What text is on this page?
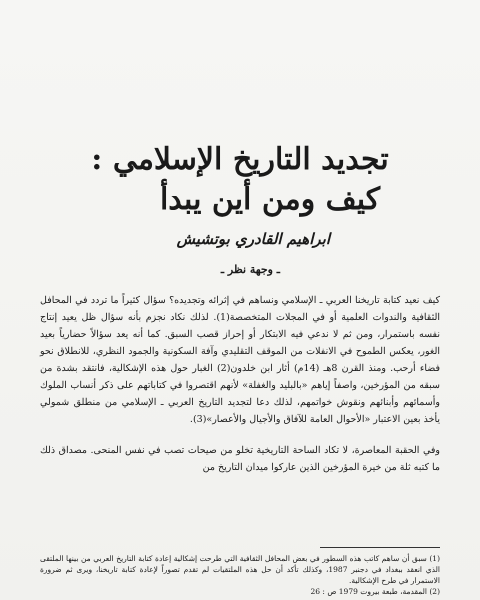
تجديد التاريخ الإسلامي :
كيف ومن أين يبدأ
ابراهيم القادري بوتشيش
ـ وجهة نظر ـ

كيف نعيد كتابة تاريخنا العربي ـ الإسلامي ونساهم في إثرائه وتجديده؟ سؤال كثيراً ما تردد في المحافل الثقافية والندوات العلمية أو في المجلات المتخصصة(1). لذلك نكاد نجزم بأنه سؤال ظل يعيد إنتاج نفسه باستمرار، ومن ثم لا ندعي فيه الابتكار أو إحراز قصب السبق. كما أنه يعد سؤالاً حضارياً بعيد الغور، يعكس الطموح في الانفلات من الموقف التقليدي وآفة السكونية والجمود النظري، للانطلاق نحو فضاء أرحب. ومنذ القرن 8هـ (14م) أثار ابن خلدون(2) الغبار حول هذه الإشكالية، فانتقد بشدة من سبقه من المؤرخين، واصفاً إياهم «بالبليد والغفلة» لأنهم اقتصروا في كتاباتهم على ذكر أنساب الملوك وأسمائهم وأبنائهم ونقوش خواتمهم، لذلك دعا لتجديد التاريخ العربي ـ الإسلامي من منطلق شمولي يأخذ بعين الاعتبار «الأحوال العامة للآفاق والأجيال والأعصار»(3).

وفي الحقبة المعاصرة، لا تكاد الساحة التاريخية تخلو من صيحات تصب في نفس المنحى. مصداق ذلك ما كتبه ثلة من خيرة المؤرخين الذين عاركوا ميدان التاريخ من

(1) سبق أن ساهم كاتب هذه السطور في بعض المحافل الثقافية التي طرحت إشكالية إعادة كتابة التاريخ العربي من بينها الملتقى الذي انعقد ببغداد في دجنبر 1987، وكذلك تأكد أن حل هذه الملتقيات لم تقدم تصوراً لإعادة كتابة تاريخنا، ويرى ثم ضرورة الاستمرار في طرح الإشكالية.

(2) المقدمة، طبعة بيروت 1979 ص : 26
